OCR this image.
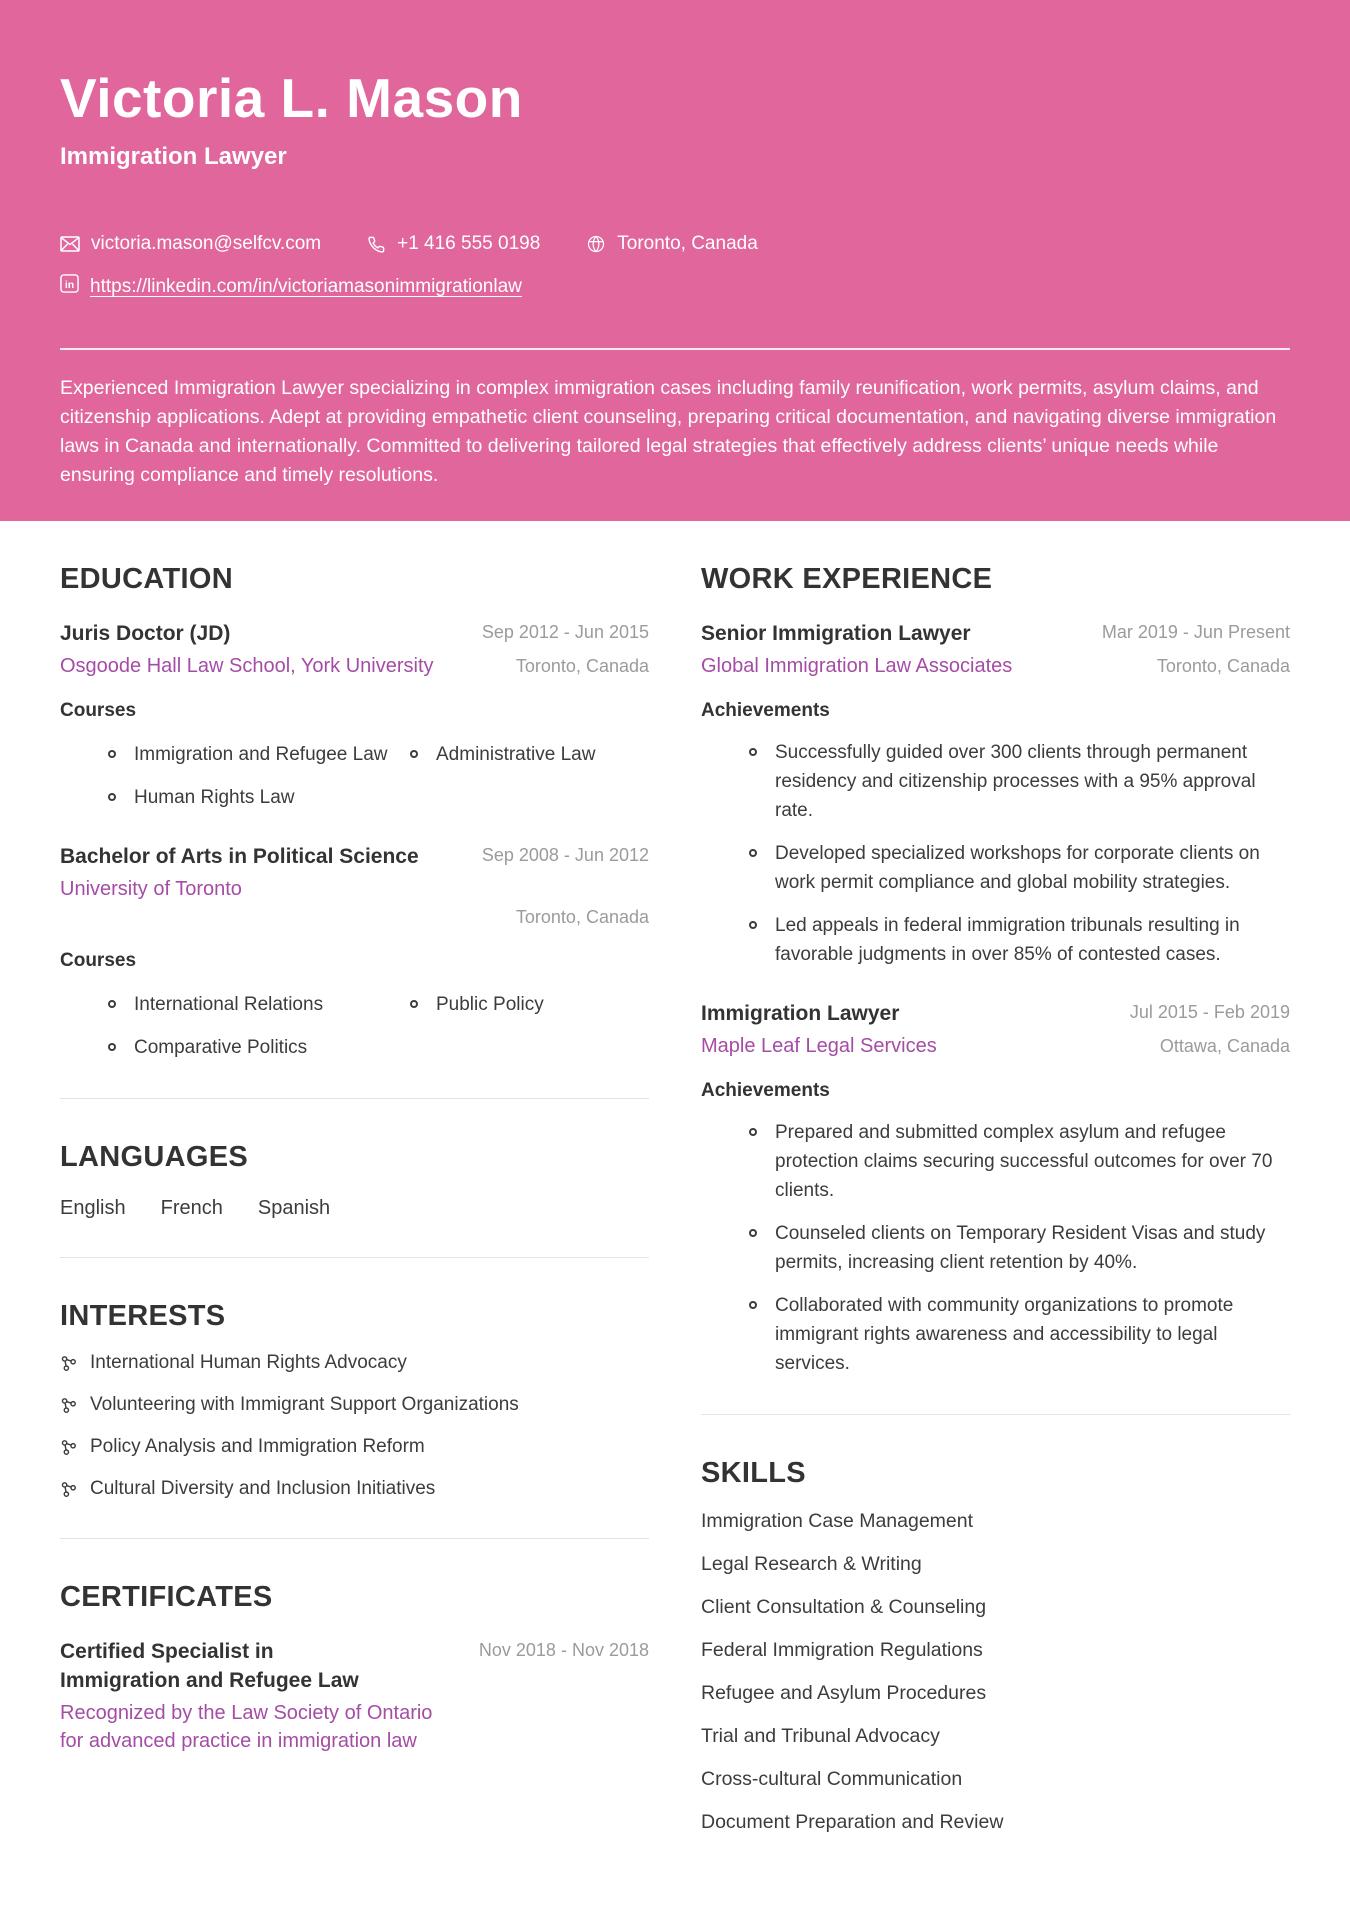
Victoria L. Mason
Immigration Lawyer
victoria.mason@selfcv.com	+1 416 555 0198	Toronto, Canada
in https://linkedin.com/in/victoriamasonimmigrationlaw

Experienced Immigration Lawyer specializing in complex immigration cases including family reunification, work permits, asylum claims, and citizenship applications. Adept at providing empathetic client counseling, preparing critical documentation, and navigating diverse immigration laws in Canada and internationally. Committed to delivering tailored legal strategies that effectively address clients’ unique needs while ensuring compliance and timely resolutions.

EDUCATION
Juris Doctor (JD)
Osgoode Hall Law School, York University
Sep 2012 - Jun 2015
Toronto, Canada
Courses
Immigration and Refugee Law	Administrative Law
Human Rights Law
Bachelor of Arts in Political Science
University of Toronto
Sep 2008 - Jun 2012
Toronto, Canada
Courses
International Relations	Public Policy
Comparative Politics
LANGUAGES
English French Spanish
INTERESTS
International Human Rights Advocacy
Volunteering with Immigrant Support Organizations
Policy Analysis and Immigration Reform
Cultural Diversity and Inclusion Initiatives
CERTIFICATES
Certified Specialist in Immigration and Refugee Law
Recognized by the Law Society of Ontario for advanced practice in immigration law
Nov 2018 - Nov 2018
WORK EXPERIENCE
Senior Immigration Lawyer
Global Immigration Law Associates
Mar 2019 - Jun Present
Toronto, Canada
Achievements
Successfully guided over 300 clients through permanent residency and citizenship processes with a 95% approval rate.
Developed specialized workshops for corporate clients on work permit compliance and global mobility strategies.
Led appeals in federal immigration tribunals resulting in favorable judgments in over 85% of contested cases.
Immigration Lawyer
Maple Leaf Legal Services
Jul 2015 - Feb 2019
Ottawa, Canada
Achievements
Prepared and submitted complex asylum and refugee protection claims securing successful outcomes for over 70 clients.
Counseled clients on Temporary Resident Visas and study permits, increasing client retention by 40%.
Collaborated with community organizations to promote immigrant rights awareness and accessibility to legal services.
SKILLS
Immigration Case Management
Legal Research & Writing
Client Consultation & Counseling
Federal Immigration Regulations
Refugee and Asylum Procedures
Trial and Tribunal Advocacy
Cross-cultural Communication
Document Preparation and Review
